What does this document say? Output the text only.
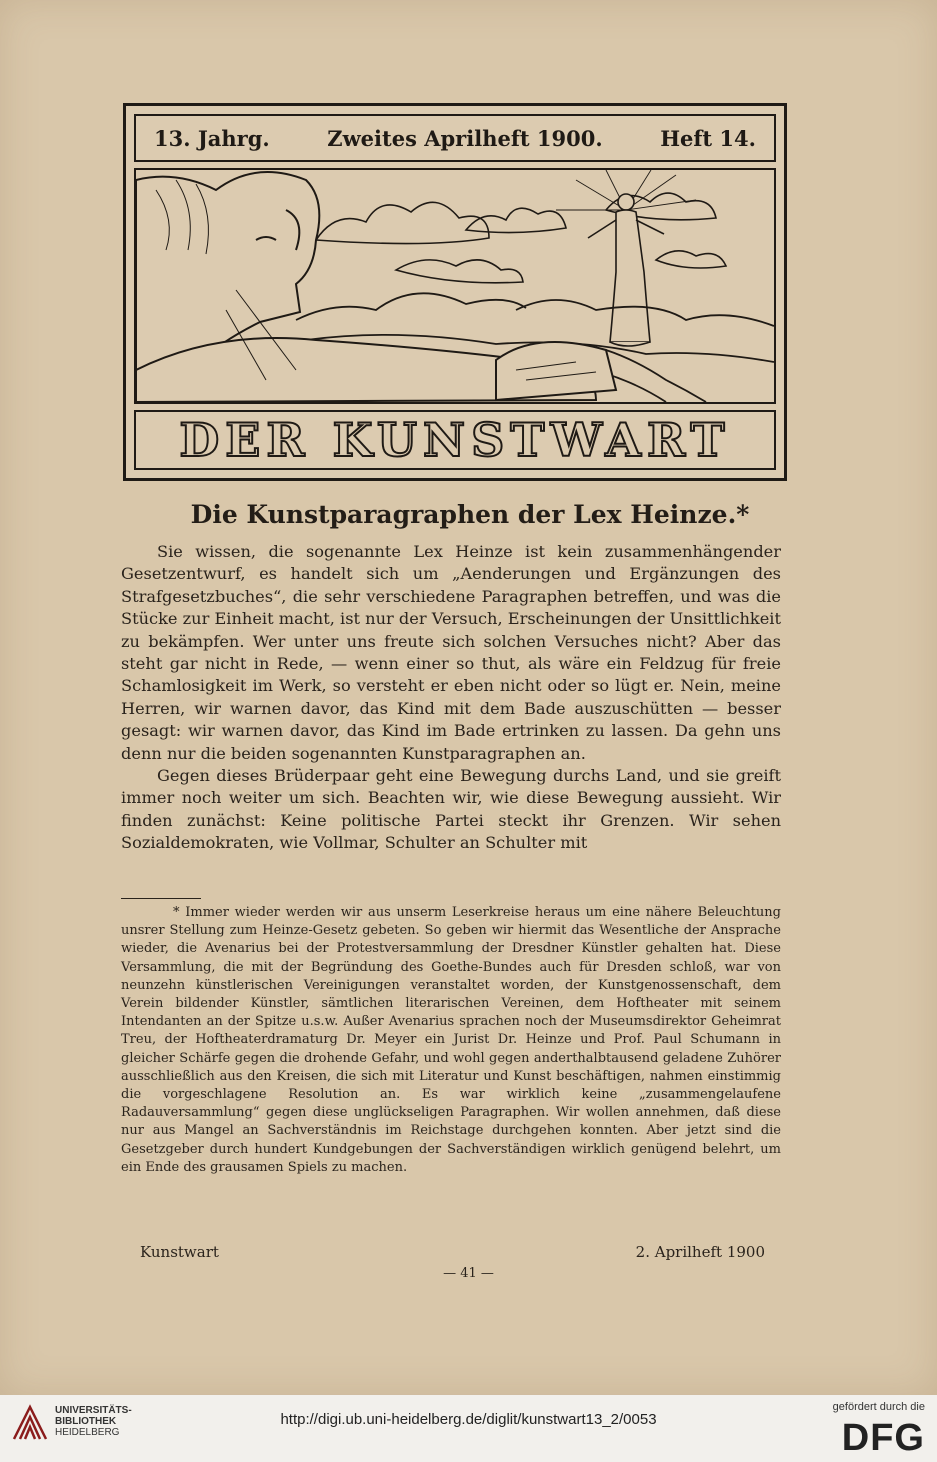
13. Jahrg.	Zweites Aprilheft 1900.	Heft 14.
DER KUNSTWART
Die Kunstparagraphen der Lex Heinze.*

Sie wissen, die sogenannte Lex Heinze ist kein zusammenhängender Gesetzentwurf, es handelt sich um „Aenderungen und Ergänzungen des Strafgesetzbuches“, die sehr verschiedene Paragraphen betreffen, und was die Stücke zur Einheit macht, ist nur der Versuch, Erscheinungen der Unsittlichkeit zu bekämpfen. Wer unter uns freute sich solchen Versuches nicht? Aber das steht gar nicht in Rede, — wenn einer so thut, als wäre ein Feldzug für freie Schamlosigkeit im Werk, so versteht er eben nicht oder so lügt er. Nein, meine Herren, wir warnen davor, das Kind mit dem Bade auszuschütten — besser gesagt: wir warnen davor, das Kind im Bade ertrinken zu lassen. Da gehn uns denn nur die beiden sogenannten Kunstparagraphen an.

Gegen dieses Brüderpaar geht eine Bewegung durchs Land, und sie greift immer noch weiter um sich. Beachten wir, wie diese Bewegung aussieht. Wir finden zunächst: Keine politische Partei steckt ihr Grenzen. Wir sehen Sozialdemokraten, wie Vollmar, Schulter an Schulter mit

* Immer wieder werden wir aus unserm Leserkreise heraus um eine nähere Beleuchtung unsrer Stellung zum Heinze-Gesetz gebeten. So geben wir hiermit das Wesentliche der Ansprache wieder, die Avenarius bei der Protestversammlung der Dresdner Künstler gehalten hat. Diese Versammlung, die mit der Begründung des Goethe-Bundes auch für Dresden schloß, war von neunzehn künstlerischen Vereinigungen veranstaltet worden, der Kunstgenossenschaft, dem Verein bildender Künstler, sämtlichen literarischen Vereinen, dem Hoftheater mit seinem Intendanten an der Spitze u.s.w. Außer Avenarius sprachen noch der Museumsdirektor Geheimrat Treu, der Hoftheaterdramaturg Dr. Meyer ein Jurist Dr. Heinze und Prof. Paul Schumann in gleicher Schärfe gegen die drohende Gefahr, und wohl gegen anderthalbtausend geladene Zuhörer ausschließlich aus den Kreisen, die sich mit Literatur und Kunst beschäftigen, nahmen einstimmig die vorgeschlagene Resolution an. Es war wirklich keine „zusammengelaufene Radauversammlung“ gegen diese unglückseligen Paragraphen. Wir wollen annehmen, daß diese nur aus Mangel an Sachverständnis im Reichstage durchgehen konnten. Aber jetzt sind die Gesetzgeber durch hundert Kundgebungen der Sachverständigen wirklich genügend belehrt, um ein Ende des grausamen Spiels zu machen.

Kunstwart	2. Aprilheft 1900
— 41 —
UNIVERSITÄTS-
BIBLIOTHEK
HEIDELBERG
http://digi.ub.uni-heidelberg.de/diglit/kunstwart13_2/0053
gefördert durch die
DFG
